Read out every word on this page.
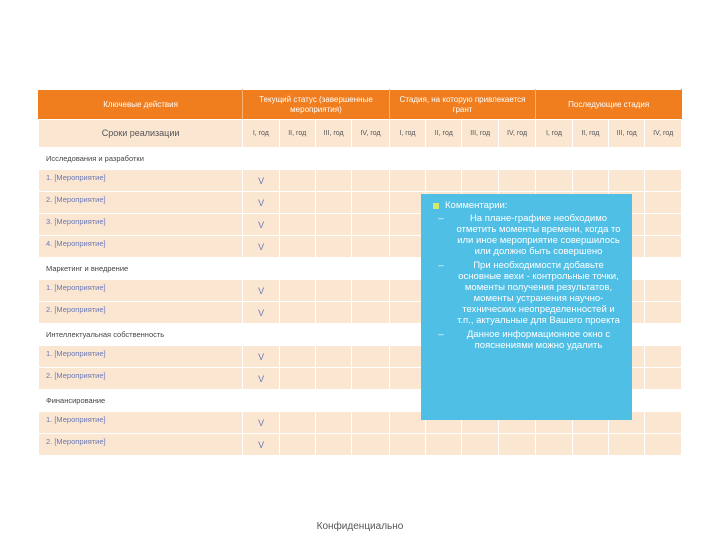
Ключевые действия	Текущий статус (завершенные мероприятия)				Стадия, на которую привлекается грант				Последующие стадия			
Сроки реализации	I, год	II, год	III, год	IV, год	I, год	II, год	III, год	IV, год	I, год	II, год	III, год	IV, год
Исследования и разработки												
1. [Мероприятие]	V											
2. [Мероприятие]	V											
3. [Мероприятие]	V											
4. [Мероприятие]	V											
Маркетинг и внедрение												
1. [Мероприятие]	V											
2. [Мероприятие]	V											
Интеллектуальная собственность												
1. [Мероприятие]	V											
2. [Мероприятие]	V											
Финансирование												
1. [Мероприятие]	V											
2. [Мероприятие]	V											
Комментарии:
–	На плане-графике необходимо отметить моменты времени, когда то или иное мероприятие совершилось или должно быть совершено
–	При необходимости добавьте основные вехи - контрольные точки, моменты получения результатов, моменты устранения научно-технических неопределенностей и т.п., актуальные для Вашего проекта
–	Данное информационное окно с пояснениями можно удалить
Конфиденциально
